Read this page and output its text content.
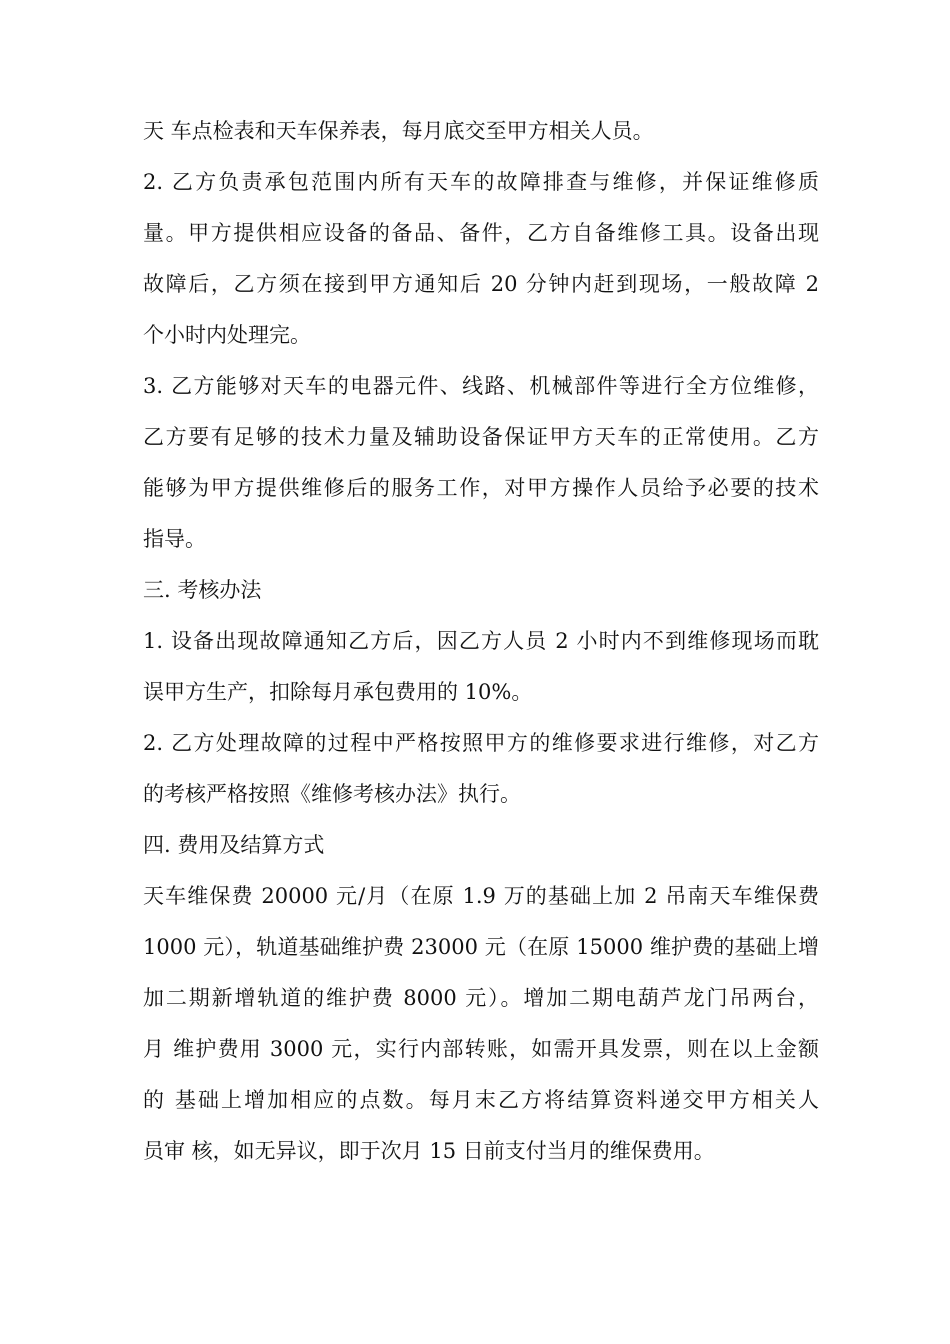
天 车点检表和天车保养表，每月底交至甲方相关人员。
2. 乙方负责承包范围内所有天车的故障排查与维修，并保证维修质
量。甲方提供相应设备的备品、备件，乙方自备维修工具。设备出现
故障后，乙方须在接到甲方通知后 20 分钟内赶到现场，一般故障 2
个小时内处理完。
3. 乙方能够对天车的电器元件、线路、机械部件等进行全方位维修，
乙方要有足够的技术力量及辅助设备保证甲方天车的正常使用。乙方
能够为甲方提供维修后的服务工作，对甲方操作人员给予必要的技术
指导。
三. 考核办法
1. 设备出现故障通知乙方后，因乙方人员 2 小时内不到维修现场而耽
误甲方生产，扣除每月承包费用的 10%。
2. 乙方处理故障的过程中严格按照甲方的维修要求进行维修，对乙方
的考核严格按照《维修考核办法》执行。
四. 费用及结算方式
天车维保费 20000 元/月（在原 1.9 万的基础上加 2 吊南天车维保费
1000 元），轨道基础维护费 23000 元（在原 15000 维护费的基础上增
加二期新增轨道的维护费 8000 元）。增加二期电葫芦龙门吊两台，
月 维护费用 3000 元，实行内部转账，如需开具发票，则在以上金额
的 基础上增加相应的点数。每月末乙方将结算资料递交甲方相关人
员审 核，如无异议，即于次月 15 日前支付当月的维保费用。
